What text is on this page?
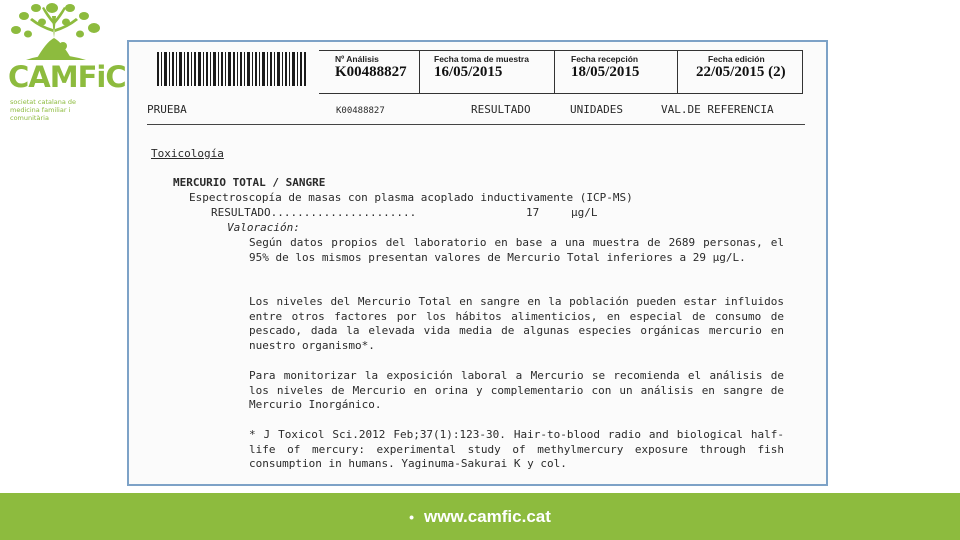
CAMFiC
societat catalana de medicina familiar i comunitària
Nº Análisis
K00488827
Fecha toma de muestra
16/05/2015
Fecha recepción
18/05/2015
Fecha edición
22/05/2015 (2)
PRUEBA	K00488827	RESULTADO	UNIDADES	VAL.DE REFERENCIA
Toxicología
MERCURIO TOTAL / SANGRE
Espectroscopía de masas con plasma acoplado inductivamente (ICP-MS)
RESULTADO......................	17	µg/L
Valoración:

Según datos propios del laboratorio en base a una muestra de 2689 personas, el 95% de los mismos presentan valores de Mercurio Total inferiores a 29 µg/L.

Los niveles del Mercurio Total en sangre en la población pueden estar influidos entre otros factores por los hábitos alimenticios, en especial de consumo de pescado, dada la elevada vida media de algunas especies orgánicas mercurio en nuestro organismo*.

Para monitorizar la exposición laboral a Mercurio se recomienda el análisis de los niveles de Mercurio en orina y complementario con un análisis en sangre de Mercurio Inorgánico.

* J Toxicol Sci.2012 Feb;37(1):123-30. Hair-to-blood radio and biological half-life of mercury: experimental study of methylmercury exposure through fish consumption in humans. Yaginuma-Sakurai K y col.

• www.camfic.cat
